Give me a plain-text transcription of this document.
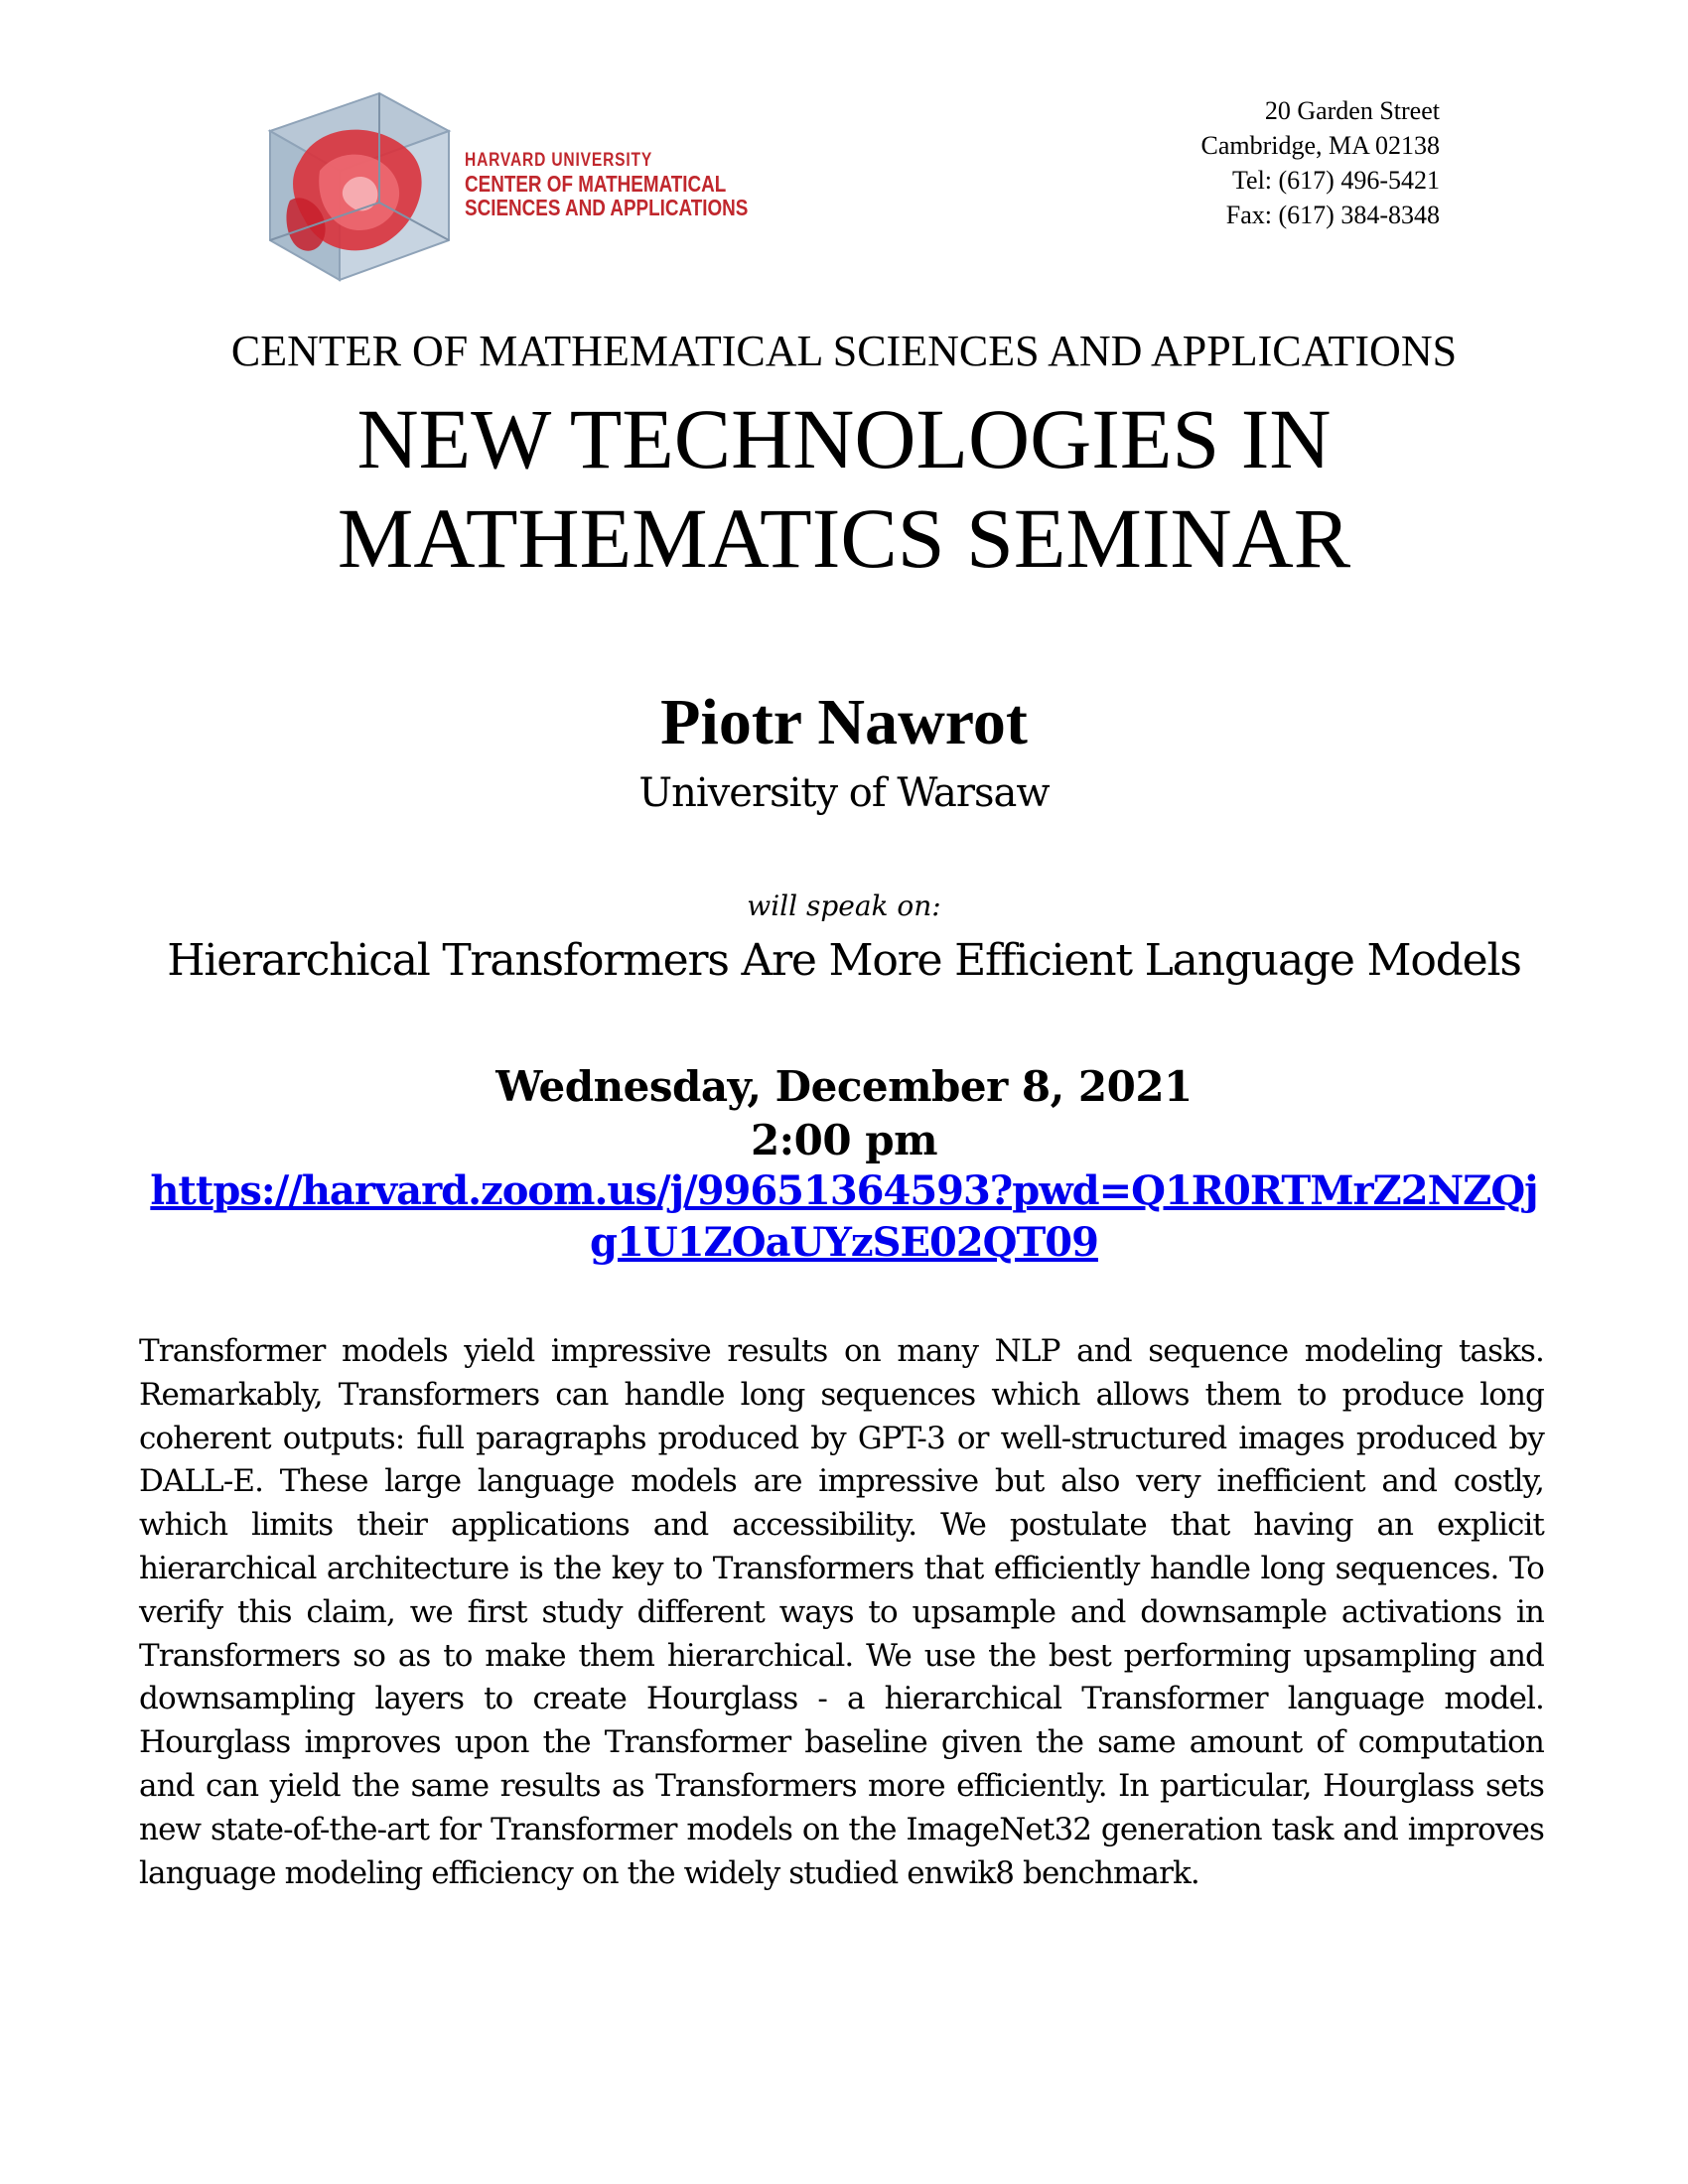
HARVARD UNIVERSITY
CENTER OF MATHEMATICAL
SCIENCES AND APPLICATIONS
20 Garden Street
Cambridge, MA 02138
Tel: (617) 496-5421
Fax: (617) 384-8348
CENTER OF MATHEMATICAL SCIENCES AND APPLICATIONS
NEW TECHNOLOGIES IN
MATHEMATICS SEMINAR
Piotr Nawrot
University of Warsaw
will speak on:
Hierarchical Transformers Are More Efficient Language Models
Wednesday, December 8, 2021
2:00 pm
https://harvard.zoom.us/j/99651364593?pwd=Q1R0RTMrZ2NZQjg1U1ZOaUYzSE02QT09
Transformer models yield impressive results on many NLP and sequence modeling tasks. Remarkably, Transformers can handle long sequences which allows them to produce long coherent outputs: full paragraphs produced by GPT-3 or well-structured images produced by DALL-E. These large language models are impressive but also very inefficient and costly, which limits their applications and accessibility. We postulate that having an explicit hierarchical architecture is the key to Transformers that efficiently handle long sequences. To verify this claim, we first study different ways to upsample and downsample activations in Transformers so as to make them hierarchical. We use the best performing upsampling and downsampling layers to create Hourglass - a hierarchical Transformer language model. Hourglass improves upon the Transformer baseline given the same amount of computation and can yield the same results as Transformers more efficiently. In particular, Hourglass sets new state-of-the-art for Transformer models on the ImageNet32 generation task and improves language modeling efficiency on the widely studied enwik8 benchmark.
